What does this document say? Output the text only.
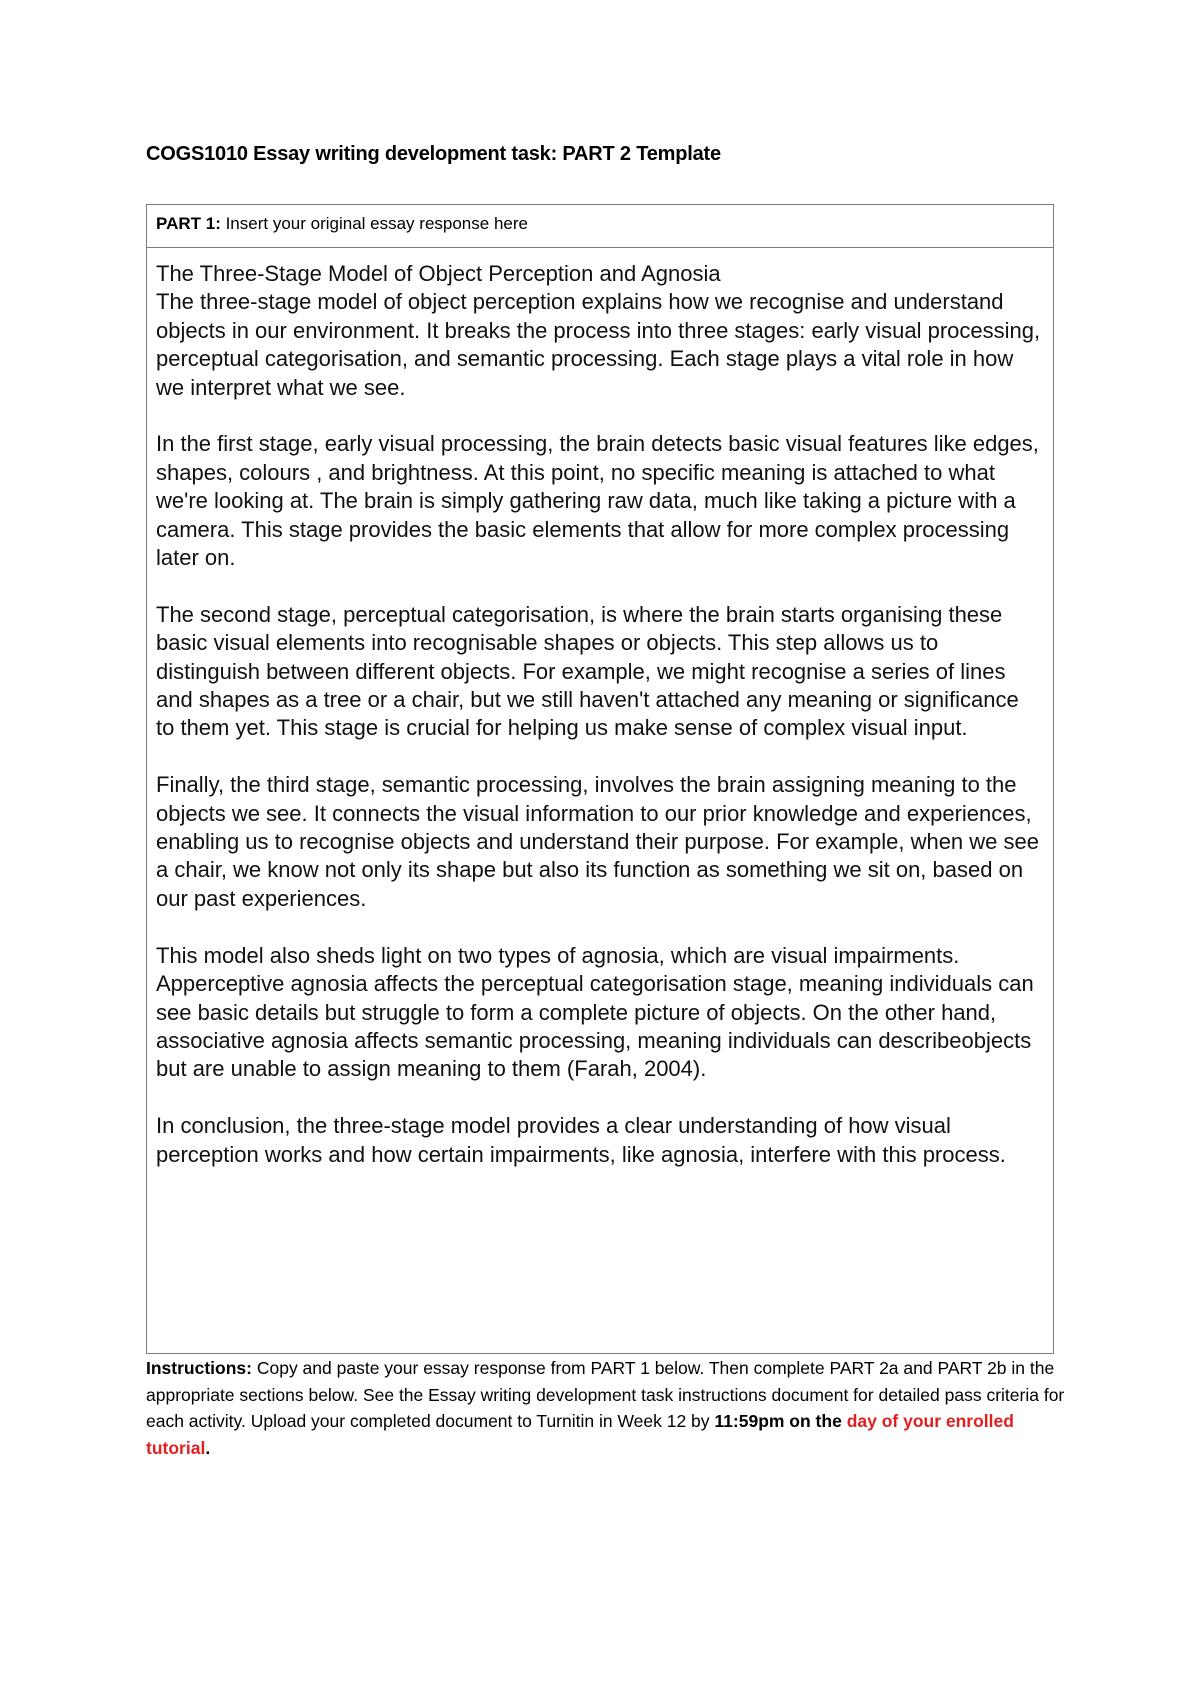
COGS1010 Essay writing development task: PART 2 Template
PART 1: Insert your original essay response here

The Three-Stage Model of Object Perception and Agnosia

The three-stage model of object perception explains how we recognise and understand objects in our environment. It breaks the process into three stages: early visual processing, perceptual categorisation, and semantic processing. Each stage plays a vital role in how we interpret what we see.

In the first stage, early visual processing, the brain detects basic visual features like edges, shapes, colours , and brightness. At this point, no specific meaning is attached to what we're looking at. The brain is simply gathering raw data, much like taking a picture with a camera. This stage provides the basic elements that allow for more complex processing later on.

The second stage, perceptual categorisation, is where the brain starts organising these basic visual elements into recognisable shapes or objects. This step allows us to distinguish between different objects. For example, we might recognise a series of lines and shapes as a tree or a chair, but we still haven't attached any meaning or significance to them yet. This stage is crucial for helping us make sense of complex visual input.

Finally, the third stage, semantic processing, involves the brain assigning meaning to the objects we see. It connects the visual information to our prior knowledge and experiences, enabling us to recognise objects and understand their purpose. For example, when we see a chair, we know not only its shape but also its function as something we sit on, based on our past experiences.

This model also sheds light on two types of agnosia, which are visual impairments. Apperceptive agnosia affects the perceptual categorisation stage, meaning individuals can see basic details but struggle to form a complete picture of objects. On the other hand, associative agnosia affects semantic processing, meaning individuals can describeobjects but are unable to assign meaning to them (Farah, 2004).

In conclusion, the three-stage model provides a clear understanding of how visual perception works and how certain impairments, like agnosia, interfere with this process.

Instructions: Copy and paste your essay response from PART 1 below. Then complete PART 2a and PART 2b in the appropriate sections below. See the Essay writing development task instructions document for detailed pass criteria for each activity. Upload your completed document to Turnitin in Week 12 by 11:59pm on the day of your enrolled tutorial.
